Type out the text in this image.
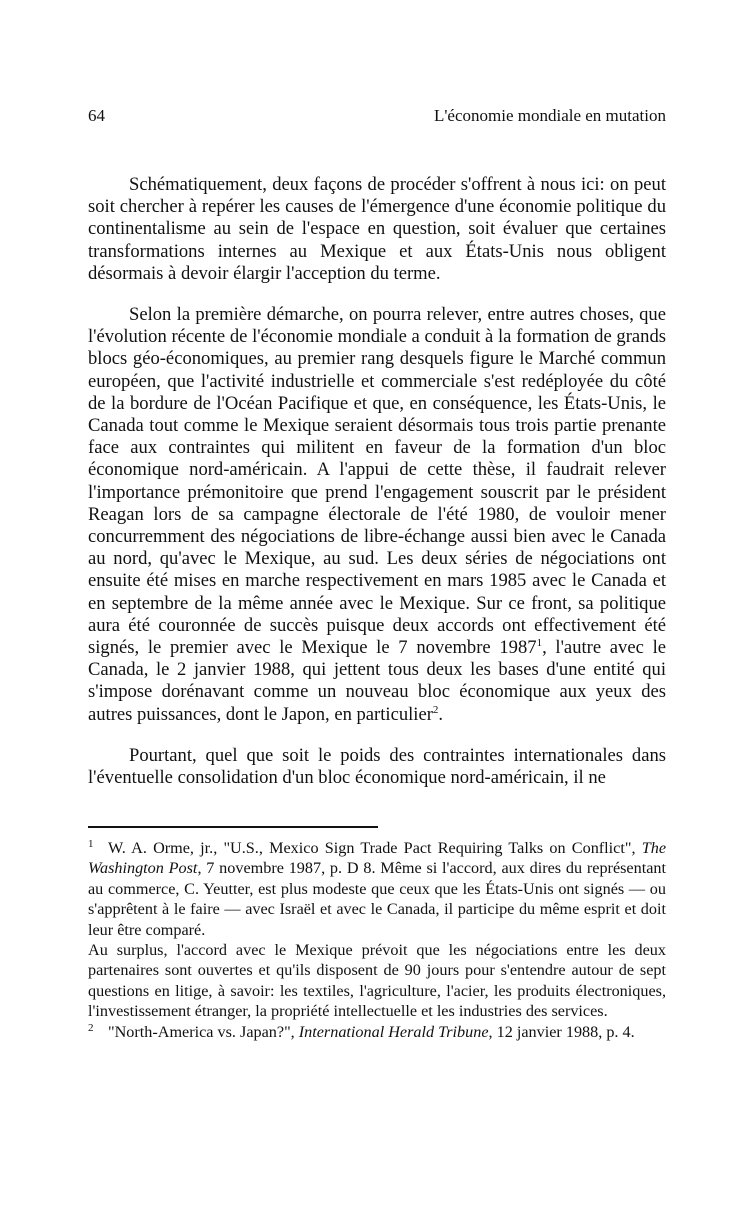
64	L'économie mondiale en mutation

Schématiquement, deux façons de procéder s'offrent à nous ici: on peut soit chercher à repérer les causes de l'émergence d'une économie politique du continentalisme au sein de l'espace en question, soit évaluer que certaines transformations internes au Mexique et aux États-Unis nous obligent désormais à devoir élargir l'acception du terme.

Selon la première démarche, on pourra relever, entre autres choses, que l'évolution récente de l'économie mondiale a conduit à la formation de grands blocs géo-économiques, au premier rang desquels figure le Marché commun européen, que l'activité industrielle et commerciale s'est redéployée du côté de la bordure de l'Océan Pacifique et que, en conséquence, les États-Unis, le Canada tout comme le Mexique seraient désormais tous trois partie prenante face aux contraintes qui militent en faveur de la formation d'un bloc économique nord-américain. A l'appui de cette thèse, il faudrait relever l'importance prémonitoire que prend l'engagement souscrit par le président Reagan lors de sa campagne électorale de l'été 1980, de vouloir mener concurremment des négociations de libre-échange aussi bien avec le Canada au nord, qu'avec le Mexique, au sud. Les deux séries de négociations ont ensuite été mises en marche respectivement en mars 1985 avec le Canada et en septembre de la même année avec le Mexique. Sur ce front, sa politique aura été couronnée de succès puisque deux accords ont effectivement été signés, le premier avec le Mexique le 7 novembre 1987$^1$, l'autre avec le Canada, le 2 janvier 1988, qui jettent tous deux les bases d'une entité qui s'impose dorénavant comme un nouveau bloc économique aux yeux des autres puissances, dont le Japon, en particulier$^2$.

Pourtant, quel que soit le poids des contraintes internationales dans l'éventuelle consolidation d'un bloc économique nord-américain, il ne

1 W. A. Orme, jr., "U.S., Mexico Sign Trade Pact Requiring Talks on Conflict", The Washington Post, 7 novembre 1987, p. D 8. Même si l'accord, aux dires du représentant au commerce, C. Yeutter, est plus modeste que ceux que les États-Unis ont signés — ou s'apprêtent à le faire — avec Israël et avec le Canada, il participe du même esprit et doit leur être comparé.

Au surplus, l'accord avec le Mexique prévoit que les négociations entre les deux partenaires sont ouvertes et qu'ils disposent de 90 jours pour s'entendre autour de sept questions en litige, à savoir: les textiles, l'agriculture, l'acier, les produits électroniques, l'investissement étranger, la propriété intellectuelle et les industries des services.

2 "North-America vs. Japan?", International Herald Tribune, 12 janvier 1988, p. 4.
